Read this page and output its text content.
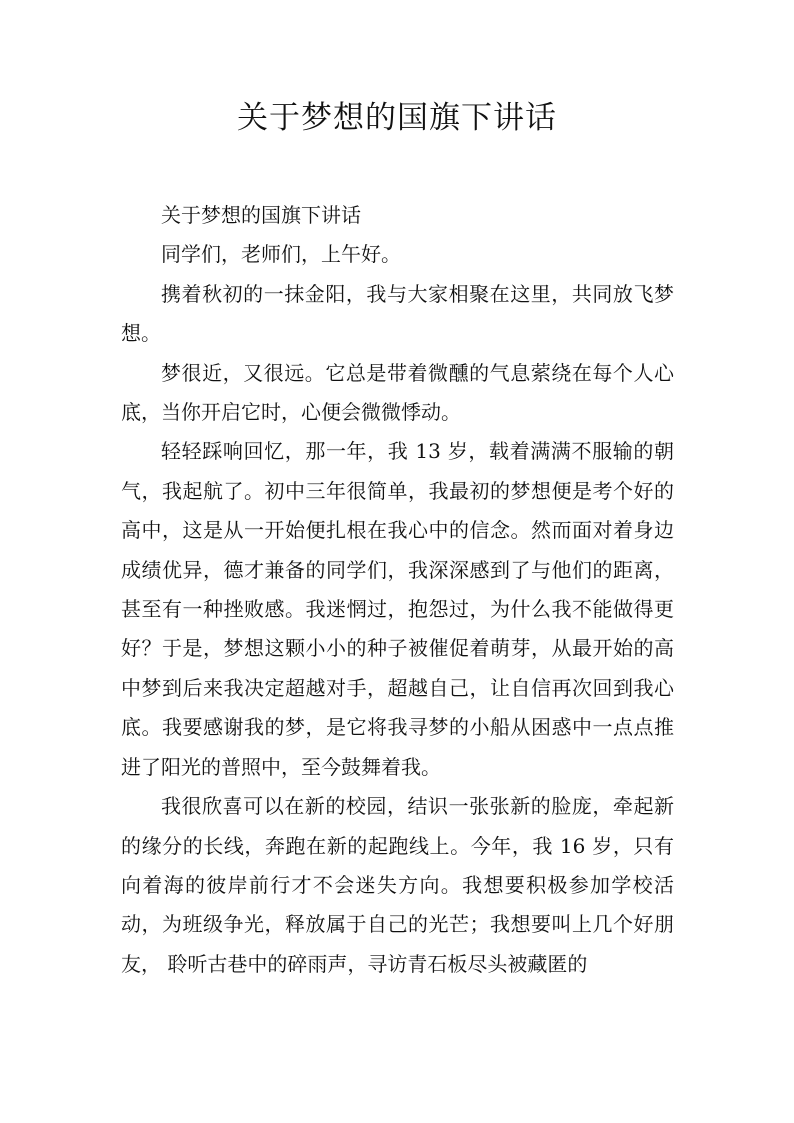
关于梦想的国旗下讲话

关于梦想的国旗下讲话

同学们，老师们，上午好。

携着秋初的一抹金阳，我与大家相聚在这里，共同放飞梦想。

梦很近，又很远。它总是带着微醺的气息萦绕在每个人心底，当你开启它时，心便会微微悸动。

轻轻踩响回忆，那一年，我 13 岁，载着满满不服输的朝气，我起航了。初中三年很简单，我最初的梦想便是考个好的高中，这是从一开始便扎根在我心中的信念。然而面对着身边成绩优异，德才兼备的同学们，我深深感到了与他们的距离，甚至有一种挫败感。我迷惘过，抱怨过，为什么我不能做得更好？于是，梦想这颗小小的种子被催促着萌芽，从最开始的高中梦到后来我决定超越对手，超越自己，让自信再次回到我心底。我要感谢我的梦，是它将我寻梦的小船从困惑中一点点推进了阳光的普照中，至今鼓舞着我。

我很欣喜可以在新的校园，结识一张张新的脸庞，牵起新的缘分的长线，奔跑在新的起跑线上。今年，我 16 岁，只有向着海的彼岸前行才不会迷失方向。我想要积极参加学校活动，为班级争光，释放属于自己的光芒；我想要叫上几个好朋友， 聆听古巷中的碎雨声，寻访青石板尽头被藏匿的
